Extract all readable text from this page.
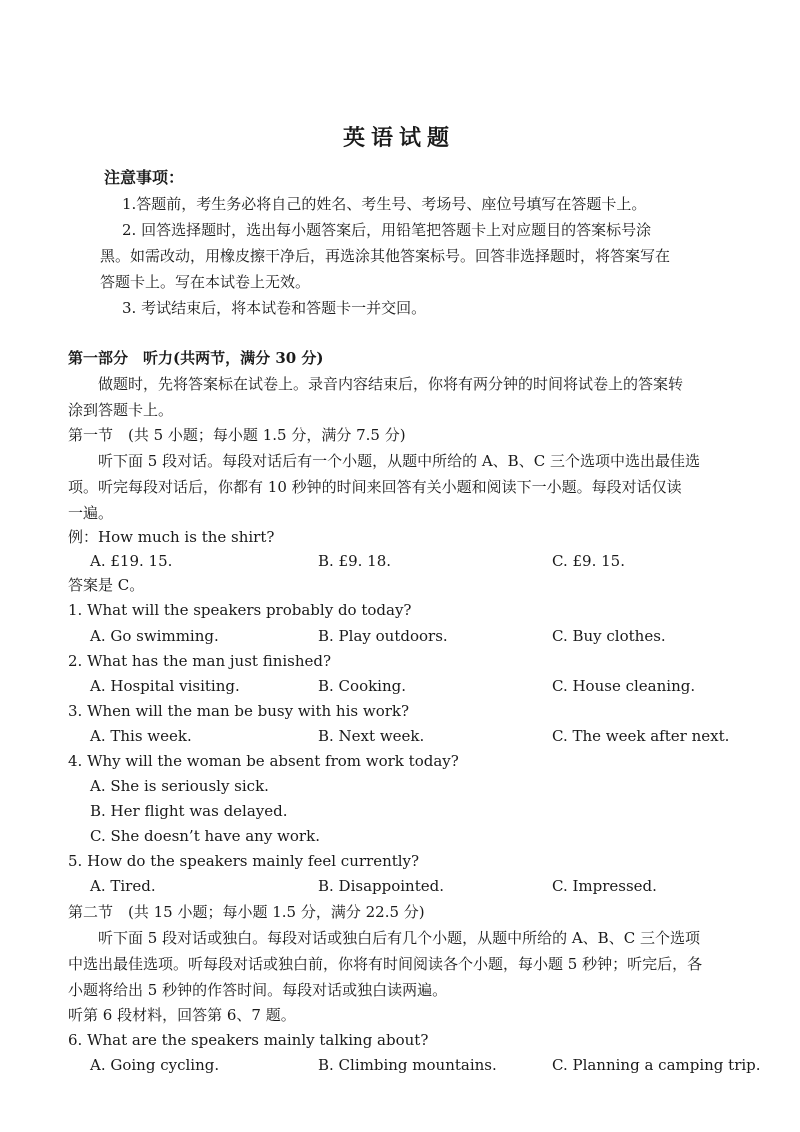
英语试题
注意事项：
1.答题前，考生务必将自己的姓名、考生号、考场号、座位号填写在答题卡上。
2. 回答选择题时，选出每小题答案后，用铅笔把答题卡上对应题目的答案标号涂
黑。如需改动，用橡皮擦干净后，再选涂其他答案标号。回答非选择题时，将答案写在
答题卡上。写在本试卷上无效。
3. 考试结束后，将本试卷和答题卡一并交回。
第一部分　听力(共两节，满分 30 分)
做题时，先将答案标在试卷上。录音内容结束后，你将有两分钟的时间将试卷上的答案转
涂到答题卡上。
第一节　(共 5 小题；每小题 1.5 分，满分 7.5 分)
听下面 5 段对话。每段对话后有一个小题，从题中所给的 A、B、C 三个选项中选出最佳选
项。听完每段对话后，你都有 10 秒钟的时间来回答有关小题和阅读下一小题。每段对话仅读
一遍。
例：How much is the shirt?
A. £19. 15.	B. £9. 18.	C. £9. 15.
答案是 C。
1. What will the speakers probably do today?
A. Go swimming.	B. Play outdoors.	C. Buy clothes.
2. What has the man just finished?
A. Hospital visiting.	B. Cooking.	C. House cleaning.
3. When will the man be busy with his work?
A. This week.	B. Next week.	C. The week after next.
4. Why will the woman be absent from work today?
A. She is seriously sick.
B. Her flight was delayed.
C. She doesn’t have any work.
5. How do the speakers mainly feel currently?
A. Tired.	B. Disappointed.	C. Impressed.
第二节　(共 15 小题；每小题 1.5 分，满分 22.5 分)
听下面 5 段对话或独白。每段对话或独白后有几个小题，从题中所给的 A、B、C 三个选项
中选出最佳选项。听每段对话或独白前，你将有时间阅读各个小题，每小题 5 秒钟；听完后，各
小题将给出 5 秒钟的作答时间。每段对话或独白读两遍。
听第 6 段材料，回答第 6、7 题。
6. What are the speakers mainly talking about?
A. Going cycling.	B. Climbing mountains.	C. Planning a camping trip.
